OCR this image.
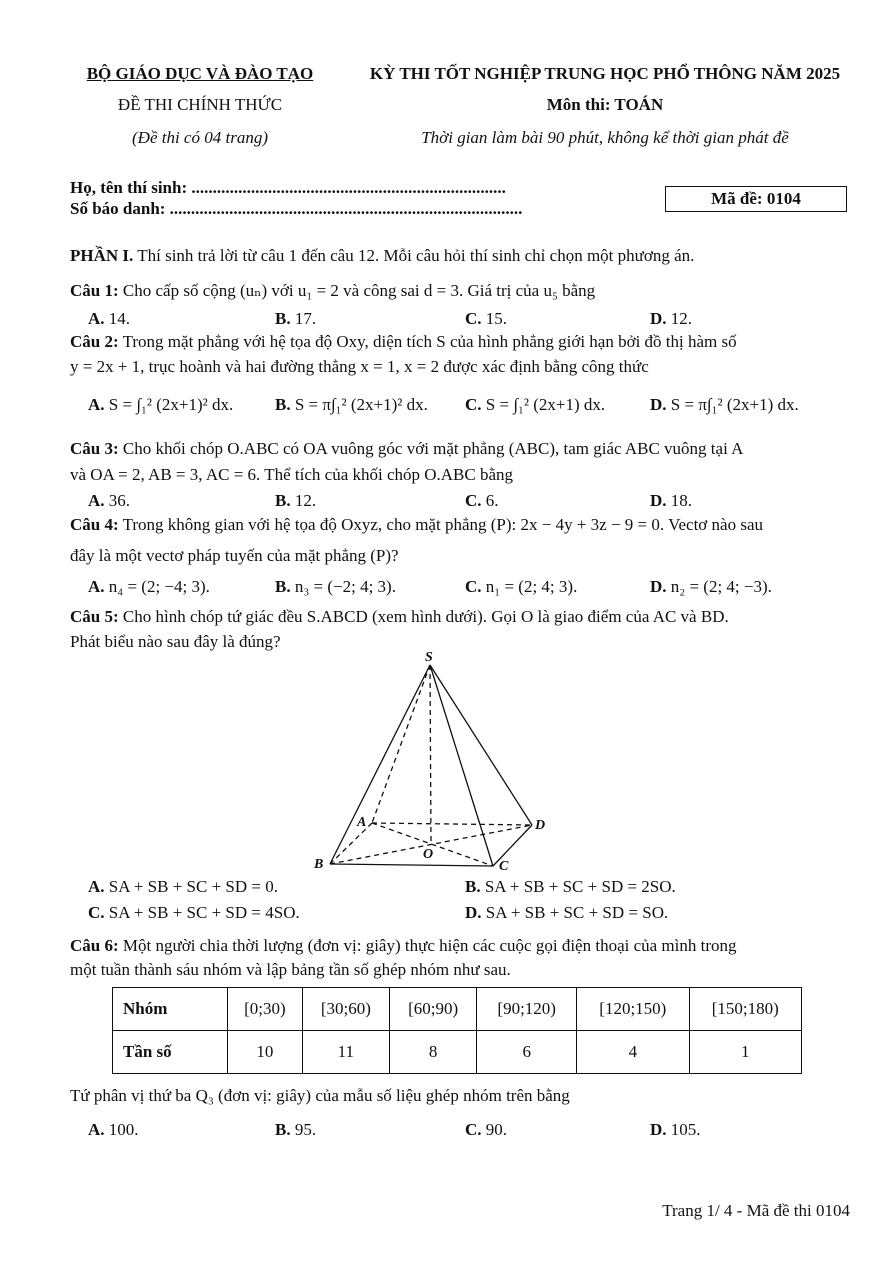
BỘ GIÁO DỤC VÀ ĐÀO TẠO
ĐỀ THI CHÍNH THỨC
(Đề thi có 04 trang)
KỲ THI TỐT NGHIỆP TRUNG HỌC PHỔ THÔNG NĂM 2025
Môn thi: TOÁN
Thời gian làm bài 90 phút, không kể thời gian phát đề
Họ, tên thí sinh: ..........................................................................
Số báo danh: ...................................................................................
Mã đề: 0104
PHẦN I. Thí sinh trả lời từ câu 1 đến câu 12. Mỗi câu hỏi thí sinh chỉ chọn một phương án.
Câu 1: Cho cấp số cộng (uₙ) với u₁ = 2 và công sai d = 3. Giá trị của u₅ bằng
A. 14.	B. 17.	C. 15.	D. 12.
Câu 2: Trong mặt phẳng với hệ tọa độ Oxy, diện tích S của hình phẳng giới hạn bởi đồ thị hàm số
y = 2x + 1, trục hoành và hai đường thẳng x = 1, x = 2 được xác định bằng công thức
A. S = ∫₁² (2x+1)² dx. B. S = π∫₁² (2x+1)² dx. C. S = ∫₁² (2x+1) dx.	D. S = π∫₁² (2x+1) dx.
Câu 3: Cho khối chóp O.ABC có OA vuông góc với mặt phẳng (ABC), tam giác ABC vuông tại A
và OA = 2, AB = 3, AC = 6. Thể tích của khối chóp O.ABC bằng
A. 36.	B. 12.	C. 6.	D. 18.
Câu 4: Trong không gian với hệ tọa độ Oxyz, cho mặt phẳng (P): 2x − 4y + 3z − 9 = 0. Vectơ nào sau
đây là một vectơ pháp tuyến của mặt phẳng (P)?
A. n₄ = (2; −4; 3).	B. n₃ = (−2; 4; 3).	C. n₁ = (2; 4; 3).	D. n₂ = (2; 4; −3).
Câu 5: Cho hình chóp tứ giác đều S.ABCD (xem hình dưới). Gọi O là giao điểm của AC và BD.
Phát biểu nào sau đây là đúng?
S
A
B	C
D
O
A. SA + SB + SC + SD = 0.	B. SA + SB + SC + SD = 2SO.
C. SA + SB + SC + SD = 4SO.	D. SA + SB + SC + SD = SO.
Câu 6: Một người chia thời lượng (đơn vị: giây) thực hiện các cuộc gọi điện thoại của mình trong
một tuần thành sáu nhóm và lập bảng tần số ghép nhóm như sau.
Nhóm	[0;30)	[30;60)	[60;90)	[90;120)	[120;150)	[150;180)
Tần số	10	11	8	6	4	1
Tứ phân vị thứ ba Q₃ (đơn vị: giây) của mẫu số liệu ghép nhóm trên bằng
A. 100.	B. 95.	C. 90.	D. 105.
Trang 1/ 4 - Mã đề thi 0104
